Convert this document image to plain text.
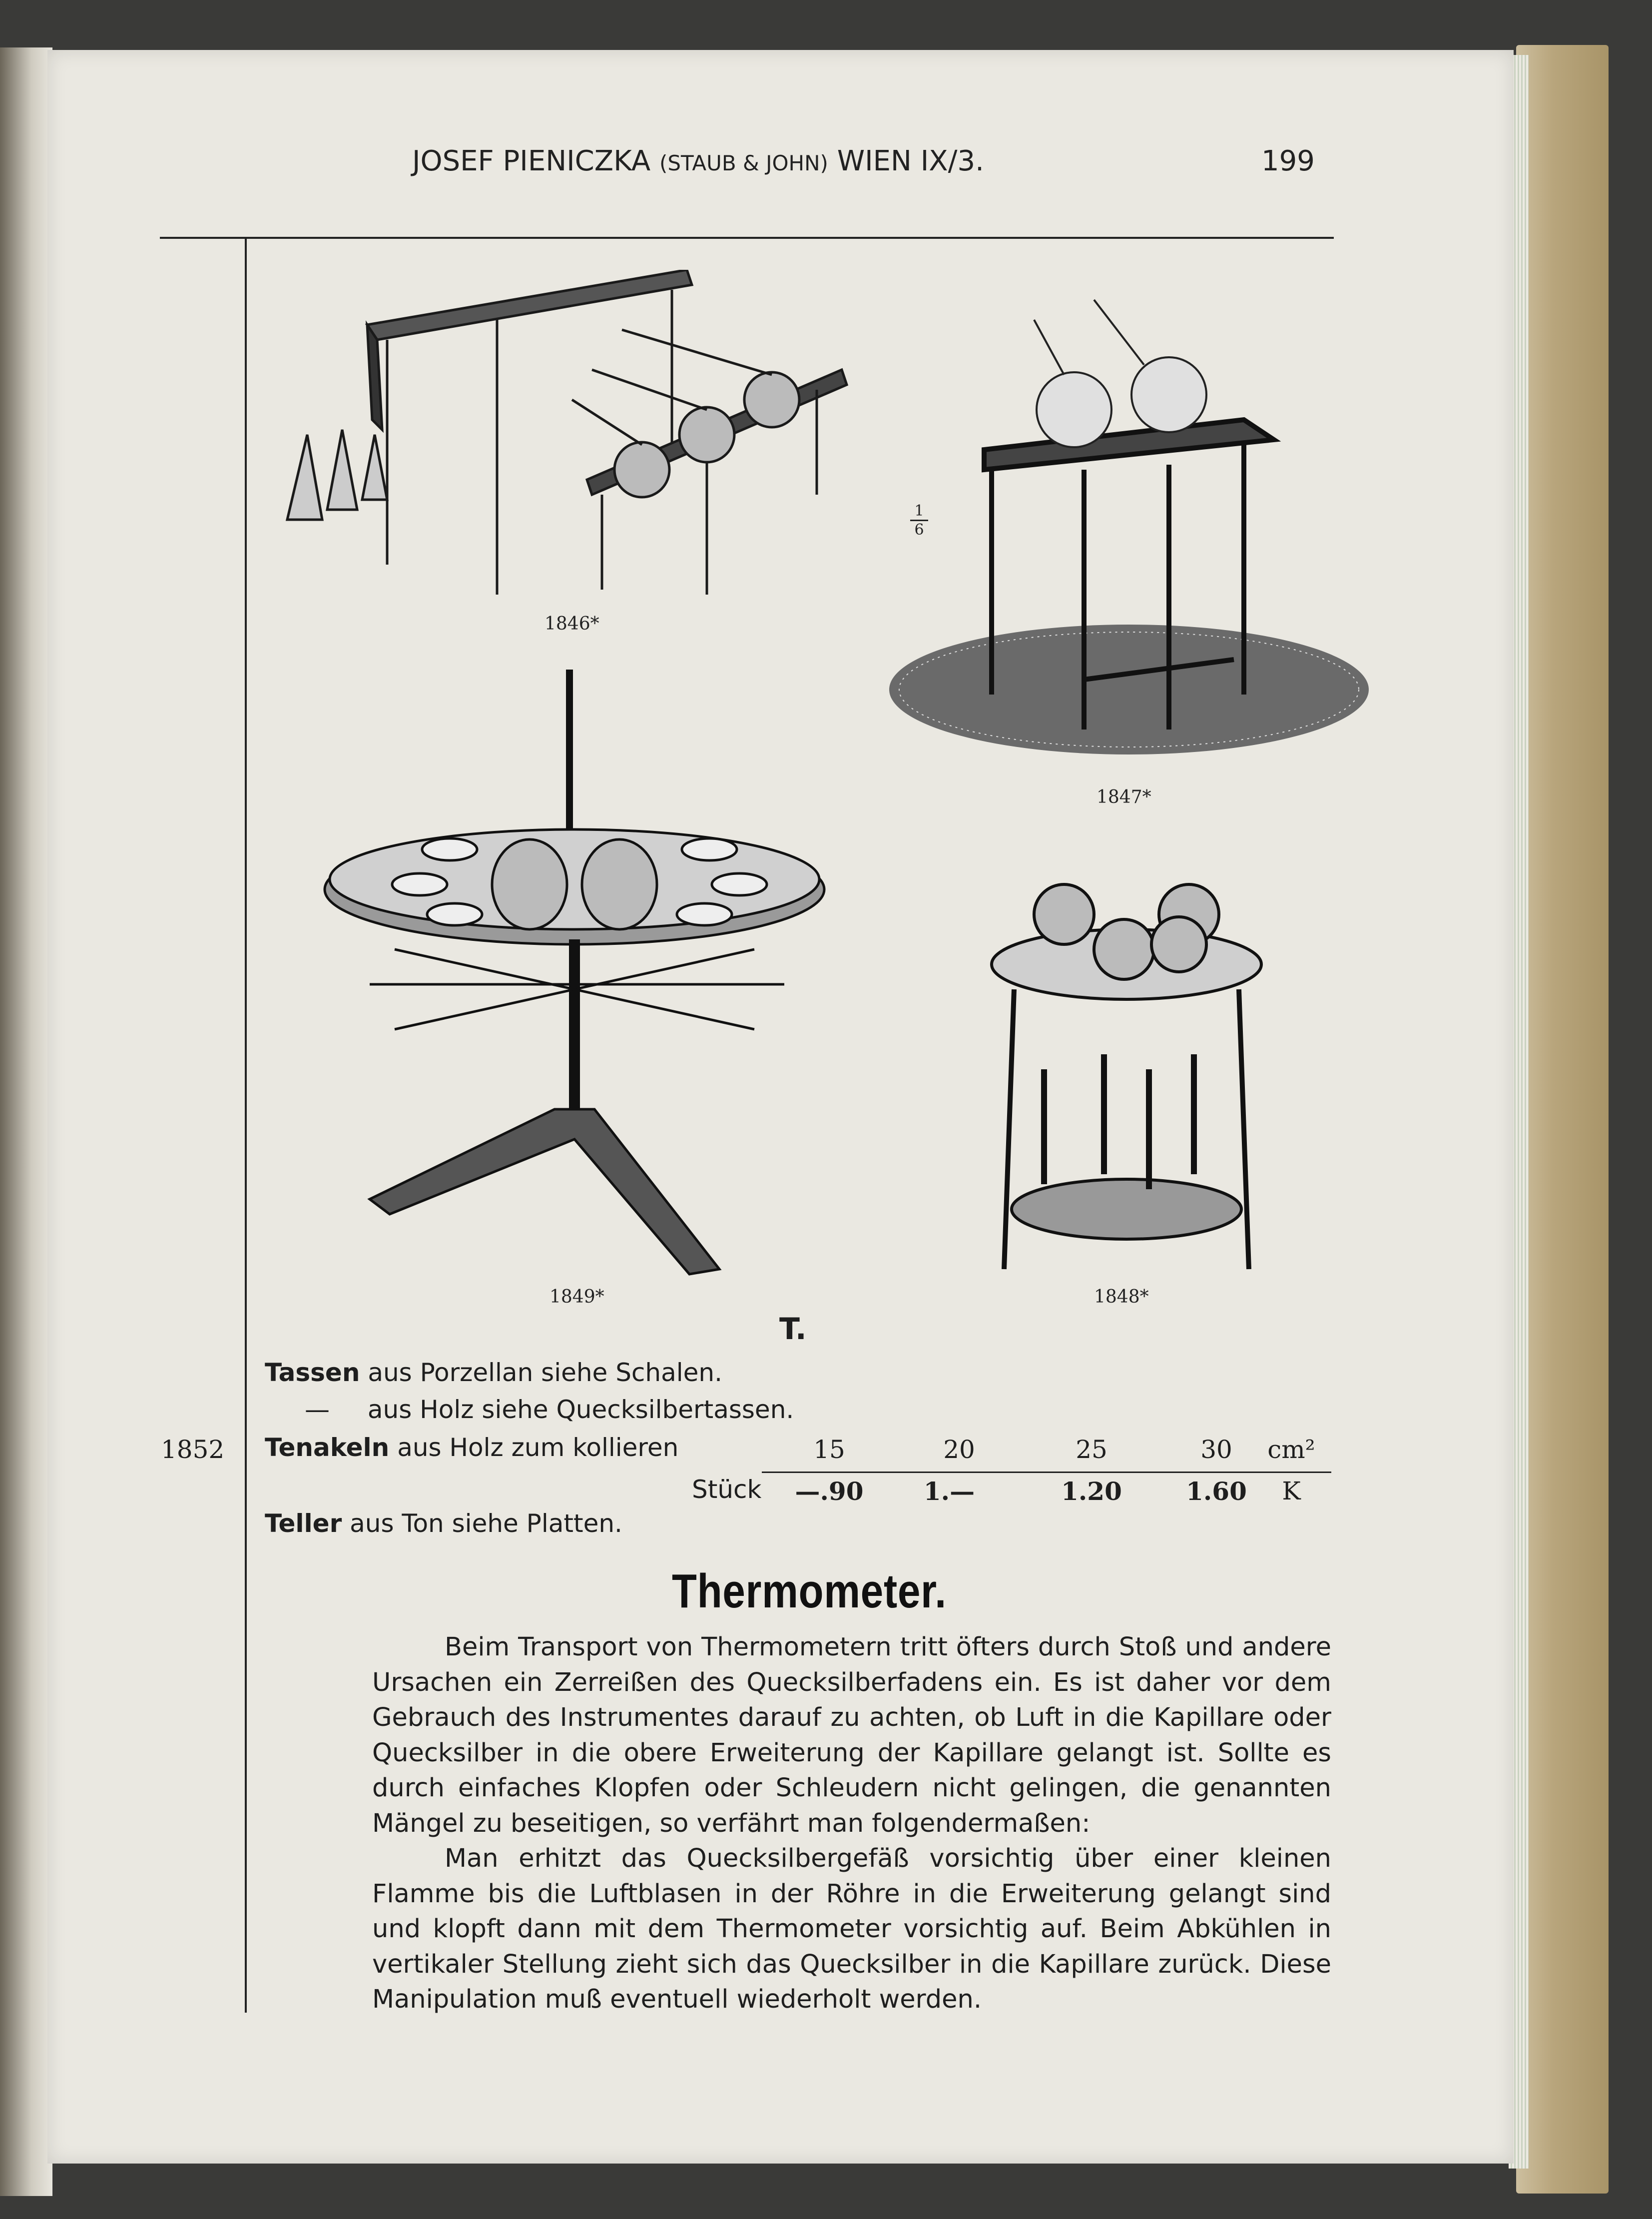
JOSEF PIENICZKA (STAUB & JOHN) WIEN IX/3.	199
1846*
1847*
$\frac{1}{6}$
1849*	1848*
T.
Tassen aus Porzellan siehe Schalen.
— aus Holz siehe Quecksilbertassen.
1852 Tenakeln aus Holz zum kollieren	15	20	25	30	cm²
Stück	—.90	1.—	1.20	1.60	K
Teller aus Ton siehe Platten.
Thermometer.

Beim Transport von Thermometern tritt öfters durch Stoß und andere Ursachen ein Zerreißen des Quecksilberfadens ein. Es ist daher vor dem Gebrauch des Instrumentes darauf zu achten, ob Luft in die Kapillare oder Quecksilber in die obere Erweiterung der Kapillare gelangt ist. Sollte es durch einfaches Klopfen oder Schleudern nicht gelingen, die genannten Mängel zu beseitigen, so verfährt man folgendermaßen:

Man erhitzt das Quecksilbergefäß vorsichtig über einer kleinen Flamme bis die Luftblasen in der Röhre in die Erweiterung gelangt sind und klopft dann mit dem Thermometer vorsichtig auf. Beim Abkühlen in vertikaler Stellung zieht sich das Quecksilber in die Kapillare zurück. Diese Manipulation muß eventuell wiederholt werden.
